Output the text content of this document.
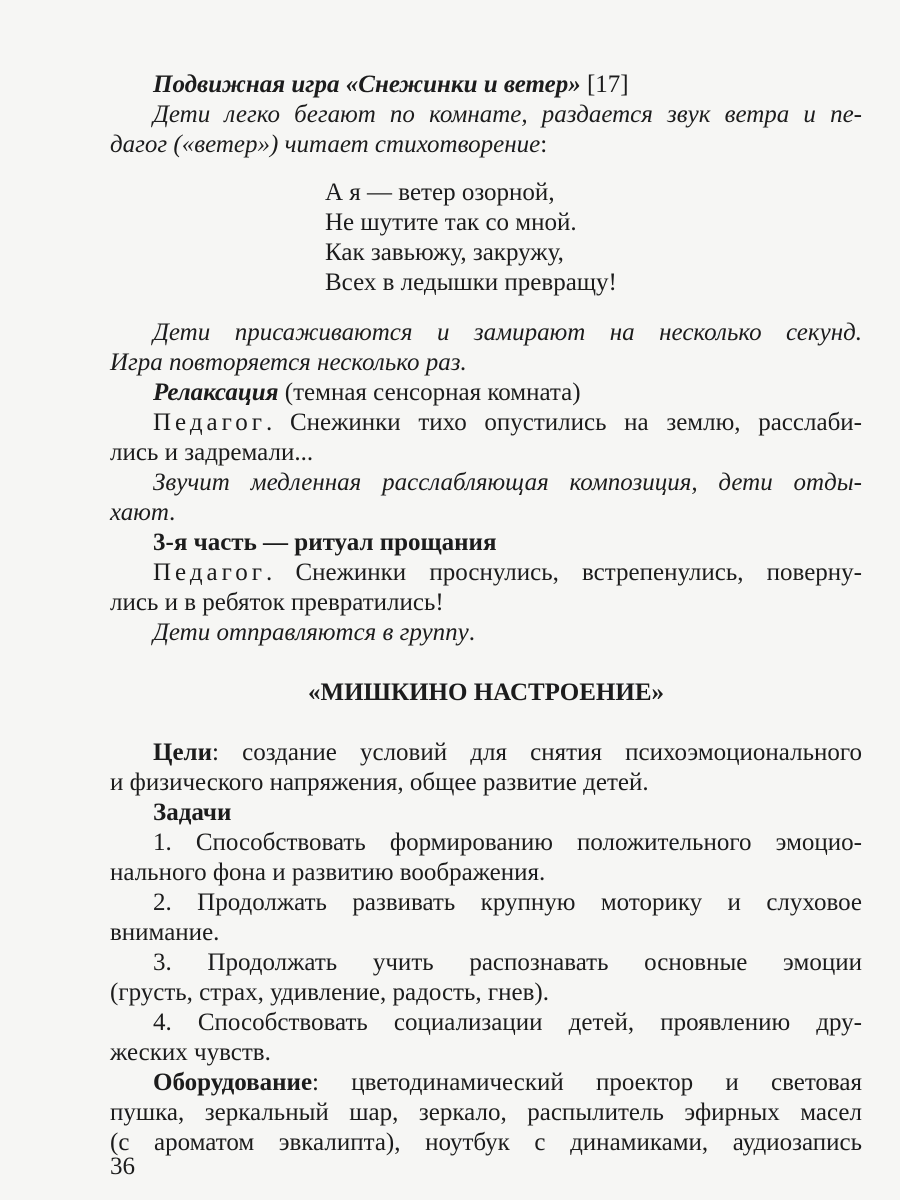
Подвижная игра «Снежинки и ветер» [17]
Дети легко бегают по комнате, раздается звук ветра и пе-
дагог («ветер») читает стихотворение:
А я — ветер озорной,
Не шутите так со мной.
Как завьюжу, закружу,
Всех в ледышки превращу!
Дети присаживаются и замирают на несколько секунд.
Игра повторяется несколько раз.
Релаксация (темная сенсорная комната)
Педагог. Снежинки тихо опустились на землю, расслаби-
лись и задремали...
Звучит медленная расслабляющая композиция, дети отды-
хают.
3-я часть — ритуал прощания
Педагог. Снежинки проснулись, встрепенулись, поверну-
лись и в ребяток превратились!
Дети отправляются в группу.
«МИШКИНО НАСТРОЕНИЕ»
Цели: создание условий для снятия психоэмоционального
и физического напряжения, общее развитие детей.
Задачи
1. Способствовать формированию положительного эмоцио-
нального фона и развитию воображения.
2. Продолжать развивать крупную моторику и слуховое
внимание.
3. Продолжать учить распознавать основные эмоции
(грусть, страх, удивление, радость, гнев).
4. Способствовать социализации детей, проявлению дру-
жеских чувств.
Оборудование: цветодинамический проектор и световая
пушка, зеркальный шар, зеркало, распылитель эфирных масел
(с ароматом эвкалипта), ноутбук с динамиками, аудиозапись
36
